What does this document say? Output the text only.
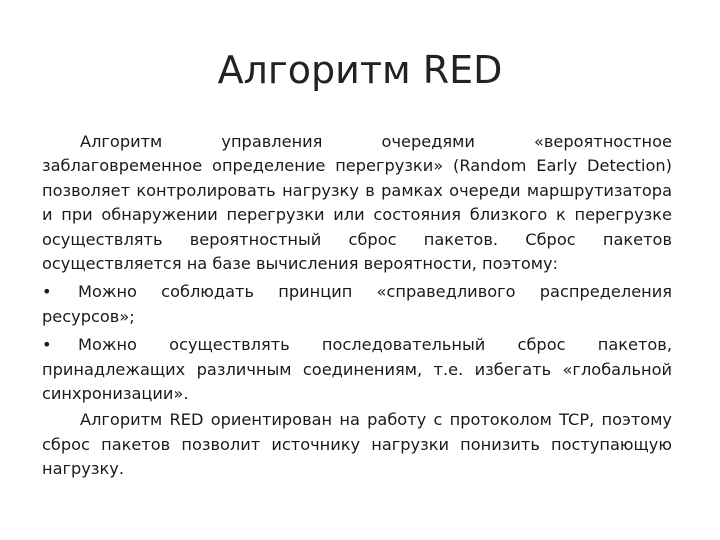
Алгоритм RED

Алгоритм управления очередями «вероятностное заблаговременное определение перегрузки» (Random Early Detection) позволяет контролировать нагрузку в рамках очереди маршрутизатора и при обнаружении перегрузки или состояния близкого к перегрузке осуществлять вероятностный сброс пакетов. Сброс пакетов осуществляется на базе вычисления вероятности, поэтому:

• Можно соблюдать принцип «справедливого распределения ресурсов»;

• Можно осуществлять последовательный сброс пакетов, принадлежащих различным соединениям, т.е. избегать «глобальной синхронизации».

Алгоритм RED ориентирован на работу с протоколом TCP, поэтому сброс пакетов позволит источнику нагрузки понизить поступающую нагрузку.
